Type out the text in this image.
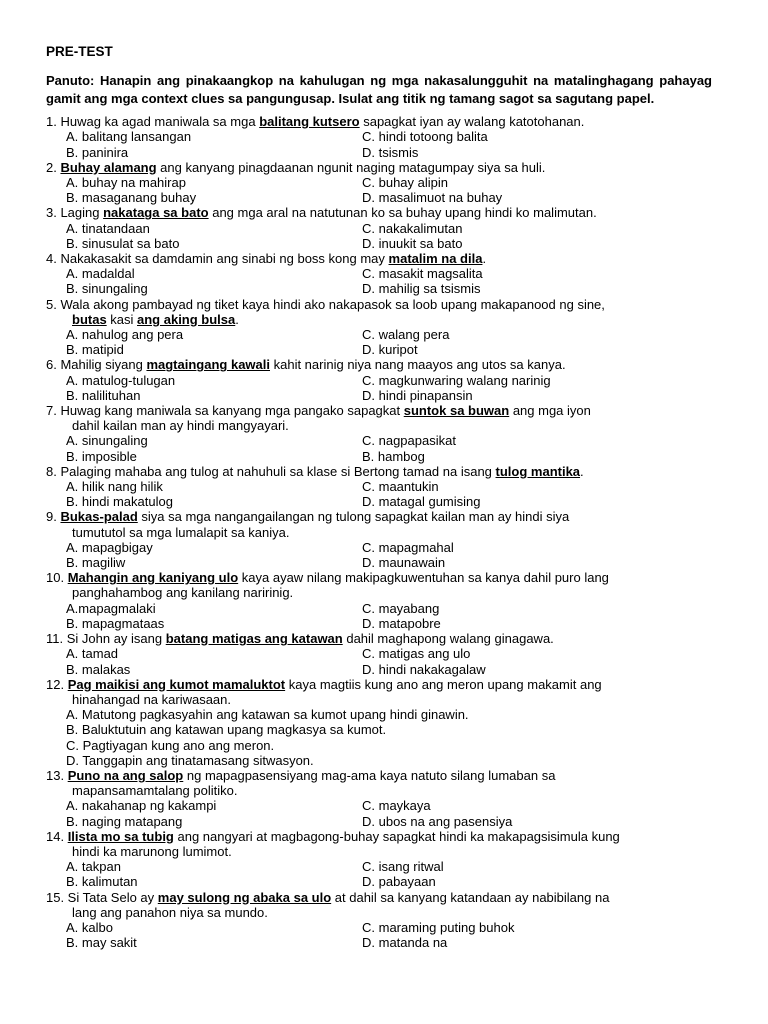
PRE-TEST
Panuto: Hanapin ang pinakaangkop na kahulugan ng mga nakasalungguhit na matalinghagang pahayag gamit ang mga context clues sa pangungusap. Isulat ang titik ng tamang sagot sa sagutang papel.
1. Huwag ka agad maniwala sa mga balitang kutsero sapagkat iyan ay walang katotohanan.
A. balitang lansangan	C. hindi totoong balita
B. paninira	D. tsismis
2. Buhay alamang ang kanyang pinagdaanan ngunit naging matagumpay siya sa huli.
A. buhay na mahirap	C. buhay alipin
B. masaganang buhay	D. masalimuot na buhay
3. Laging nakataga sa bato ang mga aral na natutunan ko sa buhay upang hindi ko malimutan.
A. tinatandaan	C. nakakalimutan
B. sinusulat sa bato	D. inuukit sa bato
4. Nakakasakit sa damdamin ang sinabi ng boss kong may matalim na dila.
A. madaldal	C. masakit magsalita
B. sinungaling	D. mahilig sa tsismis
5. Wala akong pambayad ng tiket kaya hindi ako nakapasok sa loob upang makapanood ng sine,
butas kasi ang aking bulsa.
A. nahulog ang pera	C. walang pera
B. matipid	D. kuripot
6. Mahilig siyang magtaingang kawali kahit narinig niya nang maayos ang utos sa kanya.
A. matulog-tulugan	C. magkunwaring walang narinig
B. nalilituhan	D. hindi pinapansin
7. Huwag kang maniwala sa kanyang mga pangako sapagkat suntok sa buwan ang mga iyon
dahil kailan man ay hindi mangyayari.
A. sinungaling	C. nagpapasikat
B. imposible	B. hambog
8. Palaging mahaba ang tulog at nahuhuli sa klase si Bertong tamad na isang tulog mantika.
A. hilik nang hilik	C. maantukin
B. hindi makatulog	D. matagal gumising
9. Bukas-palad siya sa mga nangangailangan ng tulong sapagkat kailan man ay hindi siya
tumututol sa mga lumalapit sa kaniya.
A. mapagbigay	C. mapagmahal
B. magiliw	D. maunawain
10. Mahangin ang kaniyang ulo kaya ayaw nilang makipagkuwentuhan sa kanya dahil puro lang
panghahambog ang kanilang naririnig.
A.mapagmalaki	C. mayabang
B. mapagmataas	D. matapobre
11. Si John ay isang batang matigas ang katawan dahil maghapong walang ginagawa.
A. tamad	C. matigas ang ulo
B. malakas	D. hindi nakakagalaw
12. Pag maikisi ang kumot mamaluktot kaya magtiis kung ano ang meron upang makamit ang
hinahangad na kariwasaan.
A. Matutong pagkasyahin ang katawan sa kumot upang hindi ginawin.
B. Baluktutuin ang katawan upang magkasya sa kumot.
C. Pagtiyagan kung ano ang meron.
D. Tanggapin ang tinatamasang sitwasyon.
13. Puno na ang salop ng mapagpasensiyang mag-ama kaya natuto silang lumaban sa
mapansamamtalang politiko.
A. nakahanap ng kakampi	C. maykaya
B. naging matapang	D. ubos na ang pasensiya
14. Ilista mo sa tubig ang nangyari at magbagong-buhay sapagkat hindi ka makapagsisimula kung
hindi ka marunong lumimot.
A. takpan	C. isang ritwal
B. kalimutan	D. pabayaan
15. Si Tata Selo ay may sulong ng abaka sa ulo at dahil sa kanyang katandaan ay nabibilang na
lang ang panahon niya sa mundo.
A. kalbo	C. maraming puting buhok
B. may sakit	D. matanda na
